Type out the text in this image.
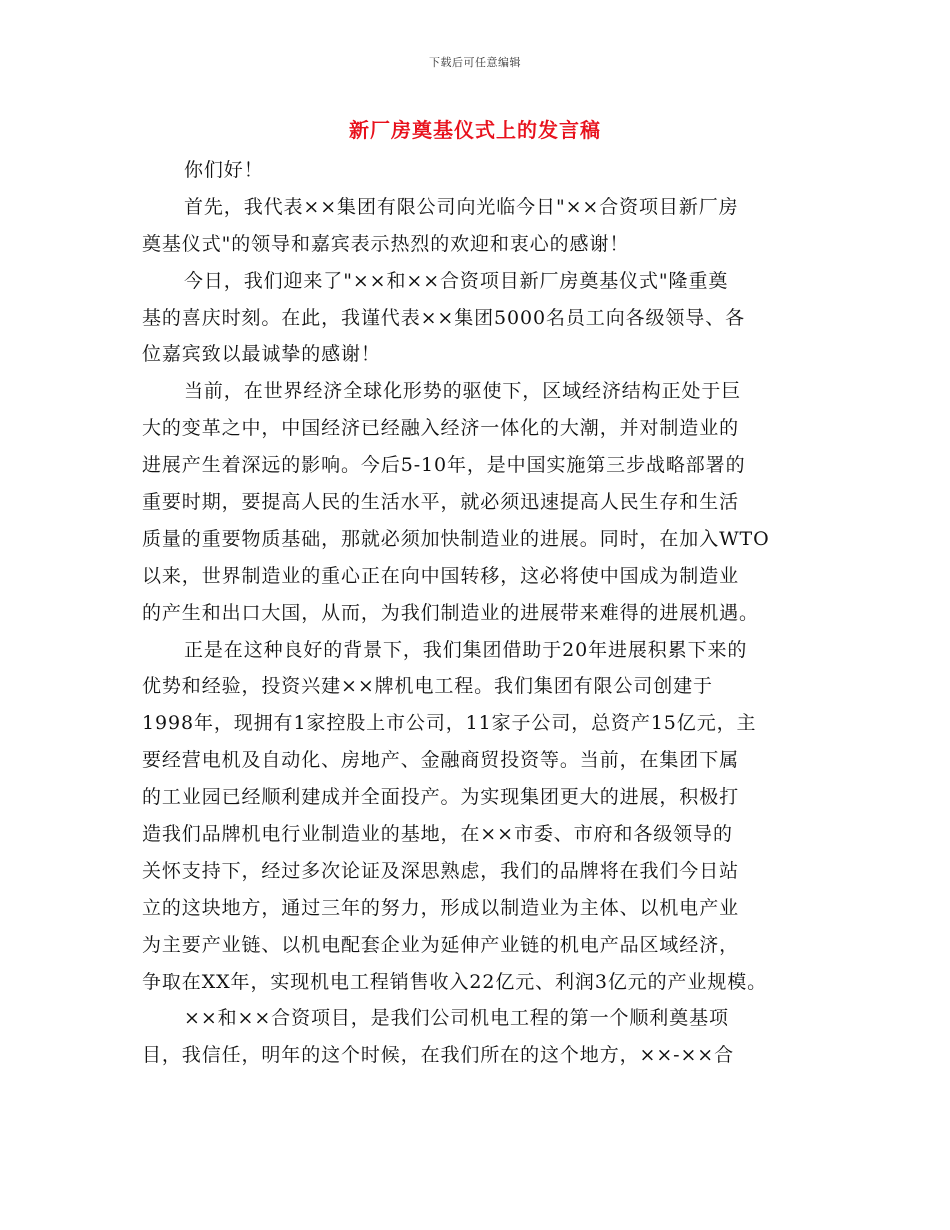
下载后可任意编辑
新厂房奠基仪式上的发言稿
你们好！
首先，我代表××集团有限公司向光临今日"××合资项目新厂房
奠基仪式"的领导和嘉宾表示热烈的欢迎和衷心的感谢！
今日，我们迎来了"××和××合资项目新厂房奠基仪式"隆重奠
基的喜庆时刻。在此，我谨代表××集团5000名员工向各级领导、各
位嘉宾致以最诚挚的感谢！
当前，在世界经济全球化形势的驱使下，区域经济结构正处于巨
大的变革之中，中国经济已经融入经济一体化的大潮，并对制造业的
进展产生着深远的影响。今后5-10年，是中国实施第三步战略部署的
重要时期，要提高人民的生活水平，就必须迅速提高人民生存和生活
质量的重要物质基础，那就必须加快制造业的进展。同时，在加入WTO
以来，世界制造业的重心正在向中国转移，这必将使中国成为制造业
的产生和出口大国，从而，为我们制造业的进展带来难得的进展机遇。
正是在这种良好的背景下，我们集团借助于20年进展积累下来的
优势和经验，投资兴建××牌机电工程。我们集团有限公司创建于
1998年，现拥有1家控股上市公司，11家子公司，总资产15亿元，主
要经营电机及自动化、房地产、金融商贸投资等。当前，在集团下属
的工业园已经顺利建成并全面投产。为实现集团更大的进展，积极打
造我们品牌机电行业制造业的基地，在××市委、市府和各级领导的
关怀支持下，经过多次论证及深思熟虑，我们的品牌将在我们今日站
立的这块地方，通过三年的努力，形成以制造业为主体、以机电产业
为主要产业链、以机电配套企业为延伸产业链的机电产品区域经济，
争取在XX年，实现机电工程销售收入22亿元、利润3亿元的产业规模。
××和××合资项目，是我们公司机电工程的第一个顺利奠基项
目，我信任，明年的这个时候，在我们所在的这个地方，××-××合
